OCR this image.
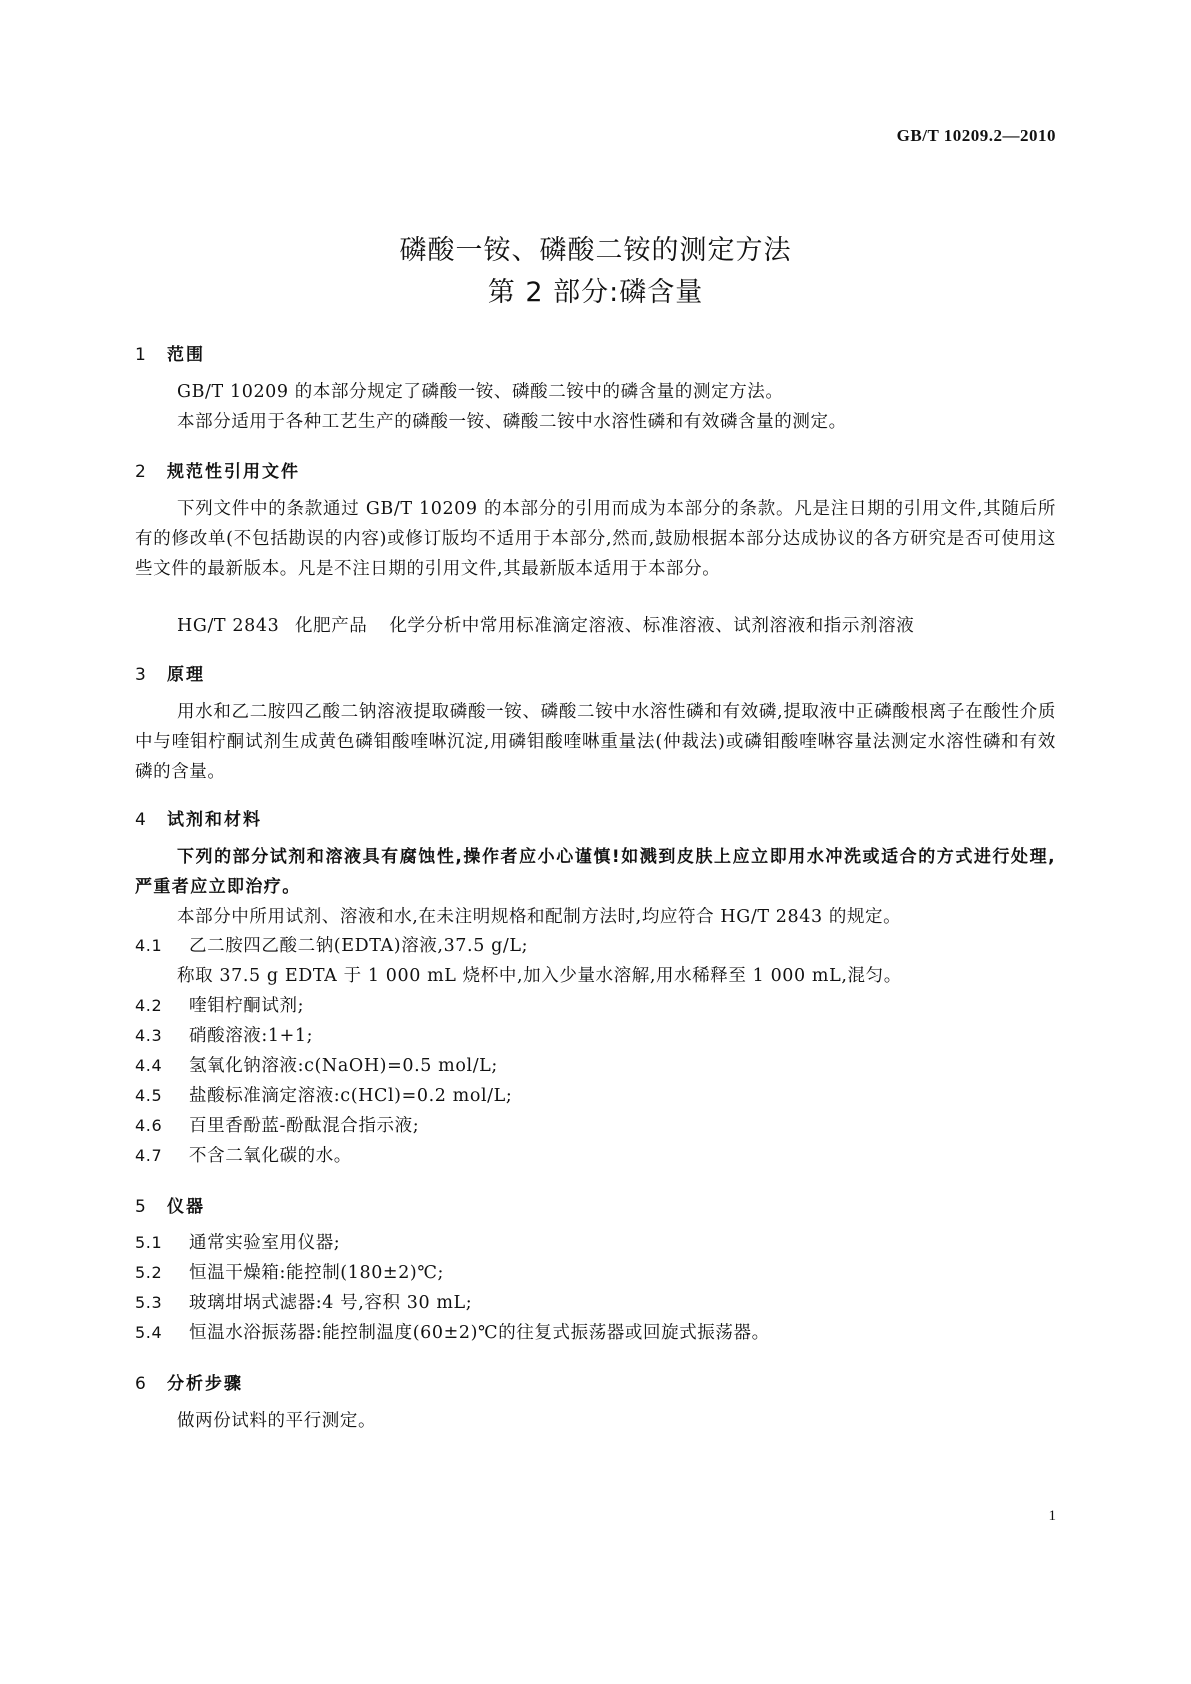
GB/T 10209.2—2010
磷酸一铵、磷酸二铵的测定方法
第 2 部分:磷含量
1 范围
GB/T 10209 的本部分规定了磷酸一铵、磷酸二铵中的磷含量的测定方法。
本部分适用于各种工艺生产的磷酸一铵、磷酸二铵中水溶性磷和有效磷含量的测定。
2 规范性引用文件
下列文件中的条款通过 GB/T 10209 的本部分的引用而成为本部分的条款。凡是注日期的引用文件,其随后所有的修改单(不包括勘误的内容)或修订版均不适用于本部分,然而,鼓励根据本部分达成协议的各方研究是否可使用这些文件的最新版本。凡是不注日期的引用文件,其最新版本适用于本部分。
HG/T 2843 化肥产品 化学分析中常用标准滴定溶液、标准溶液、试剂溶液和指示剂溶液
3 原理
用水和乙二胺四乙酸二钠溶液提取磷酸一铵、磷酸二铵中水溶性磷和有效磷,提取液中正磷酸根离子在酸性介质中与喹钼柠酮试剂生成黄色磷钼酸喹啉沉淀,用磷钼酸喹啉重量法(仲裁法)或磷钼酸喹啉容量法测定水溶性磷和有效磷的含量。
4 试剂和材料
下列的部分试剂和溶液具有腐蚀性,操作者应小心谨慎!如溅到皮肤上应立即用水冲洗或适合的方式进行处理,严重者应立即治疗。
本部分中所用试剂、溶液和水,在未注明规格和配制方法时,均应符合 HG/T 2843 的规定。
4.1 乙二胺四乙酸二钠(EDTA)溶液,37.5 g/L;
称取 37.5 g EDTA 于 1 000 mL 烧杯中,加入少量水溶解,用水稀释至 1 000 mL,混匀。
4.2 喹钼柠酮试剂;
4.3 硝酸溶液:1+1;
4.4 氢氧化钠溶液:c(NaOH)=0.5 mol/L;
4.5 盐酸标准滴定溶液:c(HCl)=0.2 mol/L;
4.6 百里香酚蓝-酚酞混合指示液;
4.7 不含二氧化碳的水。
5 仪器
5.1 通常实验室用仪器;
5.2 恒温干燥箱:能控制(180±2)℃;
5.3 玻璃坩埚式滤器:4 号,容积 30 mL;
5.4 恒温水浴振荡器:能控制温度(60±2)℃的往复式振荡器或回旋式振荡器。
6 分析步骤
做两份试料的平行测定。
1
